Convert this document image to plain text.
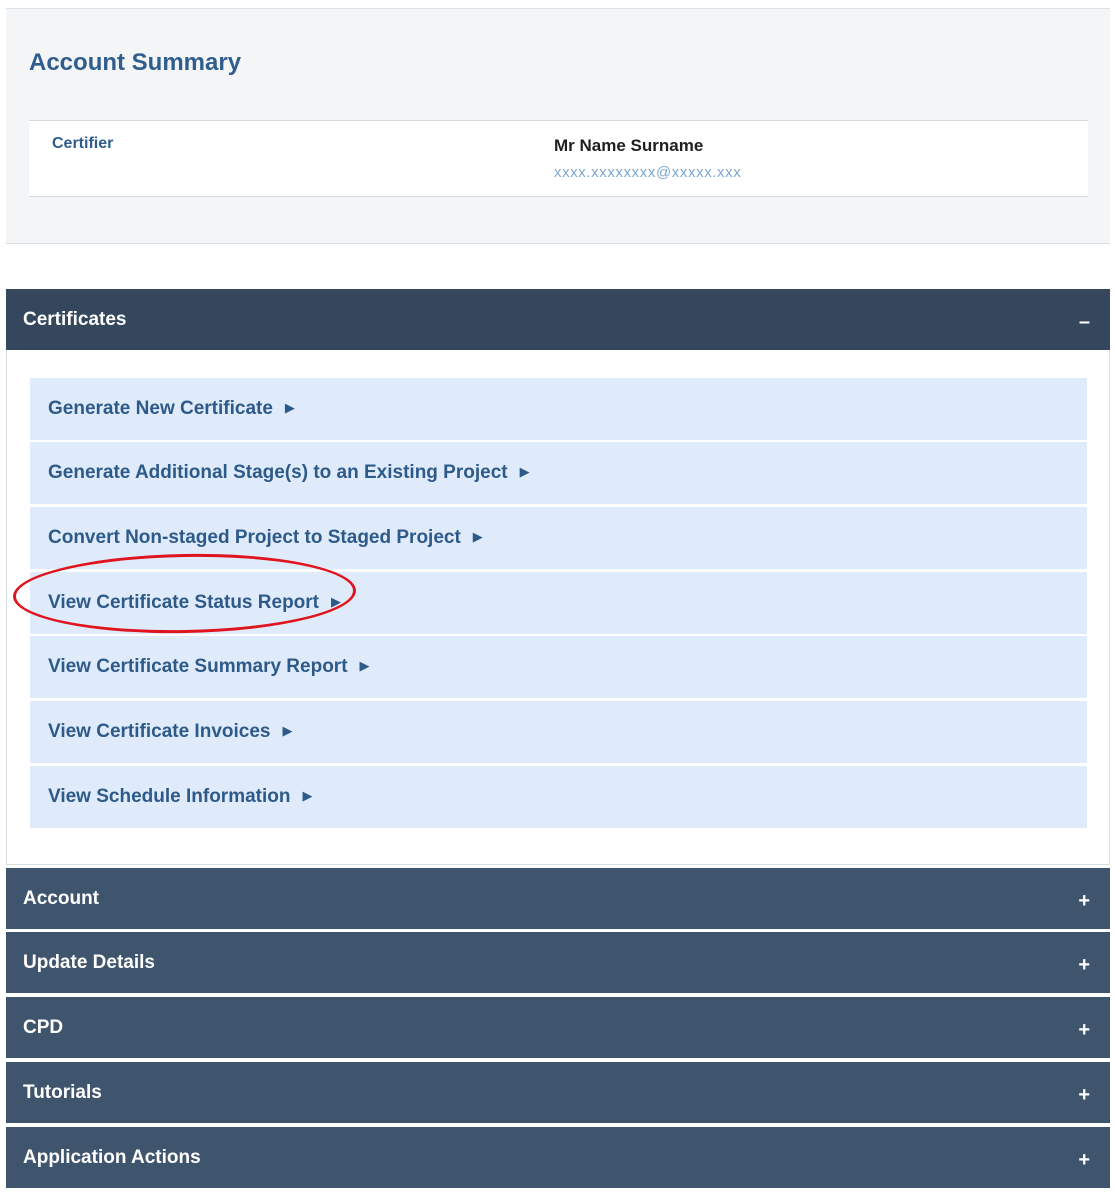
Account Summary
Certifier	Mr Name Surname
xxxx.xxxxxxxx@xxxxx.xxx
Certificates	–
Generate New Certificate ▶
Generate Additional Stage(s) to an Existing Project ▶
Convert Non-staged Project to Staged Project ▶
View Certificate Status Report ▶
View Certificate Summary Report ▶
View Certificate Invoices ▶
View Schedule Information ▶
Account	+
Update Details	+
CPD	+
Tutorials	+
Application Actions	+
